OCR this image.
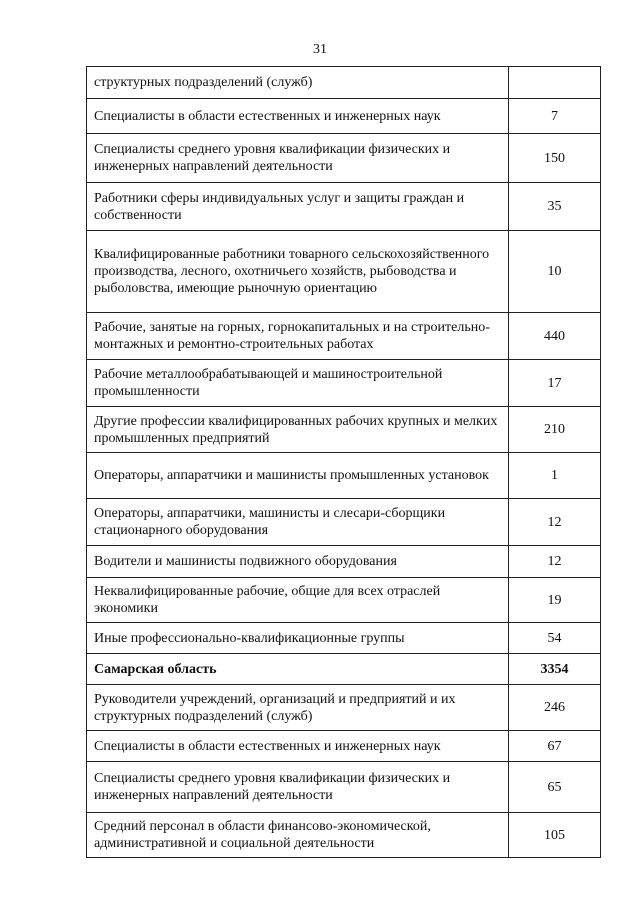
31
структурных подразделений (служб)	
Специалисты в области естественных и инженерных наук	7
Специалисты среднего уровня квалификации физических и инженерных направлений деятельности	150
Работники сферы индивидуальных услуг и защиты граждан и собственности	35
Квалифицированные работники товарного сельскохозяйственного производства, лесного, охотничьего хозяйств, рыбоводства и рыболовства, имеющие рыночную ориентацию	10
Рабочие, занятые на горных, горнокапитальных и на строительно-монтажных и ремонтно-строительных работах	440
Рабочие металлообрабатывающей и машиностроительной промышленности	17
Другие профессии квалифицированных рабочих крупных и мелких промышленных предприятий	210
Операторы, аппаратчики и машинисты промышленных установок	1
Операторы, аппаратчики, машинисты и слесари-сборщики стационарного оборудования	12
Водители и машинисты подвижного оборудования	12
Неквалифицированные рабочие, общие для всех отраслей экономики	19
Иные профессионально-квалификационные группы	54
Самарская область	3354
Руководители учреждений, организаций и предприятий и их структурных подразделений (служб)	246
Специалисты в области естественных и инженерных наук	67
Специалисты среднего уровня квалификации физических и инженерных направлений деятельности	65
Средний персонал в области финансово-экономической, административной и социальной деятельности	105
